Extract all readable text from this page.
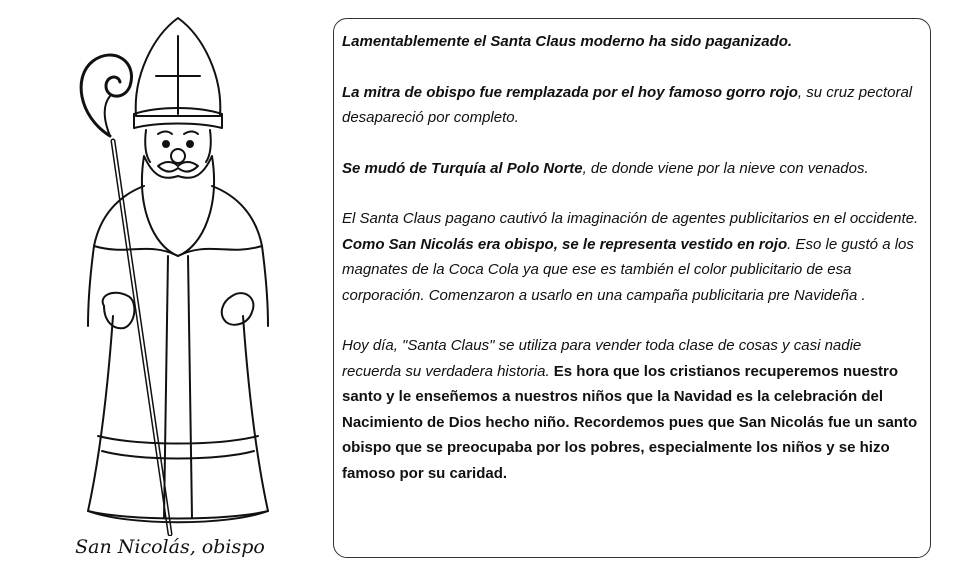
San Nicolás, obispo

Lamentablemente el Santa Claus moderno ha sido paganizado.

La mitra de obispo fue remplazada por el hoy famoso gorro rojo, su cruz pectoral desapareció por completo.

Se mudó de Turquía al Polo Norte, de donde viene por la nieve con venados.

El Santa Claus pagano cautivó la imaginación de agentes publicitarios en el occidente. Como San Nicolás era obispo, se le representa vestido en rojo. Eso le gustó a los magnates de la Coca Cola ya que ese es también el color publicitario de esa corporación. Comenzaron a usarlo en una campaña publicitaria pre Navideña .

Hoy día, "Santa Claus" se utiliza para vender toda clase de cosas y casi nadie recuerda su verdadera historia. Es hora que los cristianos recuperemos nuestro santo y le enseñemos a nuestros niños que la Navidad es la celebración del Nacimiento de Dios hecho niño. Recordemos pues que San Nicolás fue un santo obispo que se preocupaba por los pobres, especialmente los niños y se hizo famoso por su caridad.
